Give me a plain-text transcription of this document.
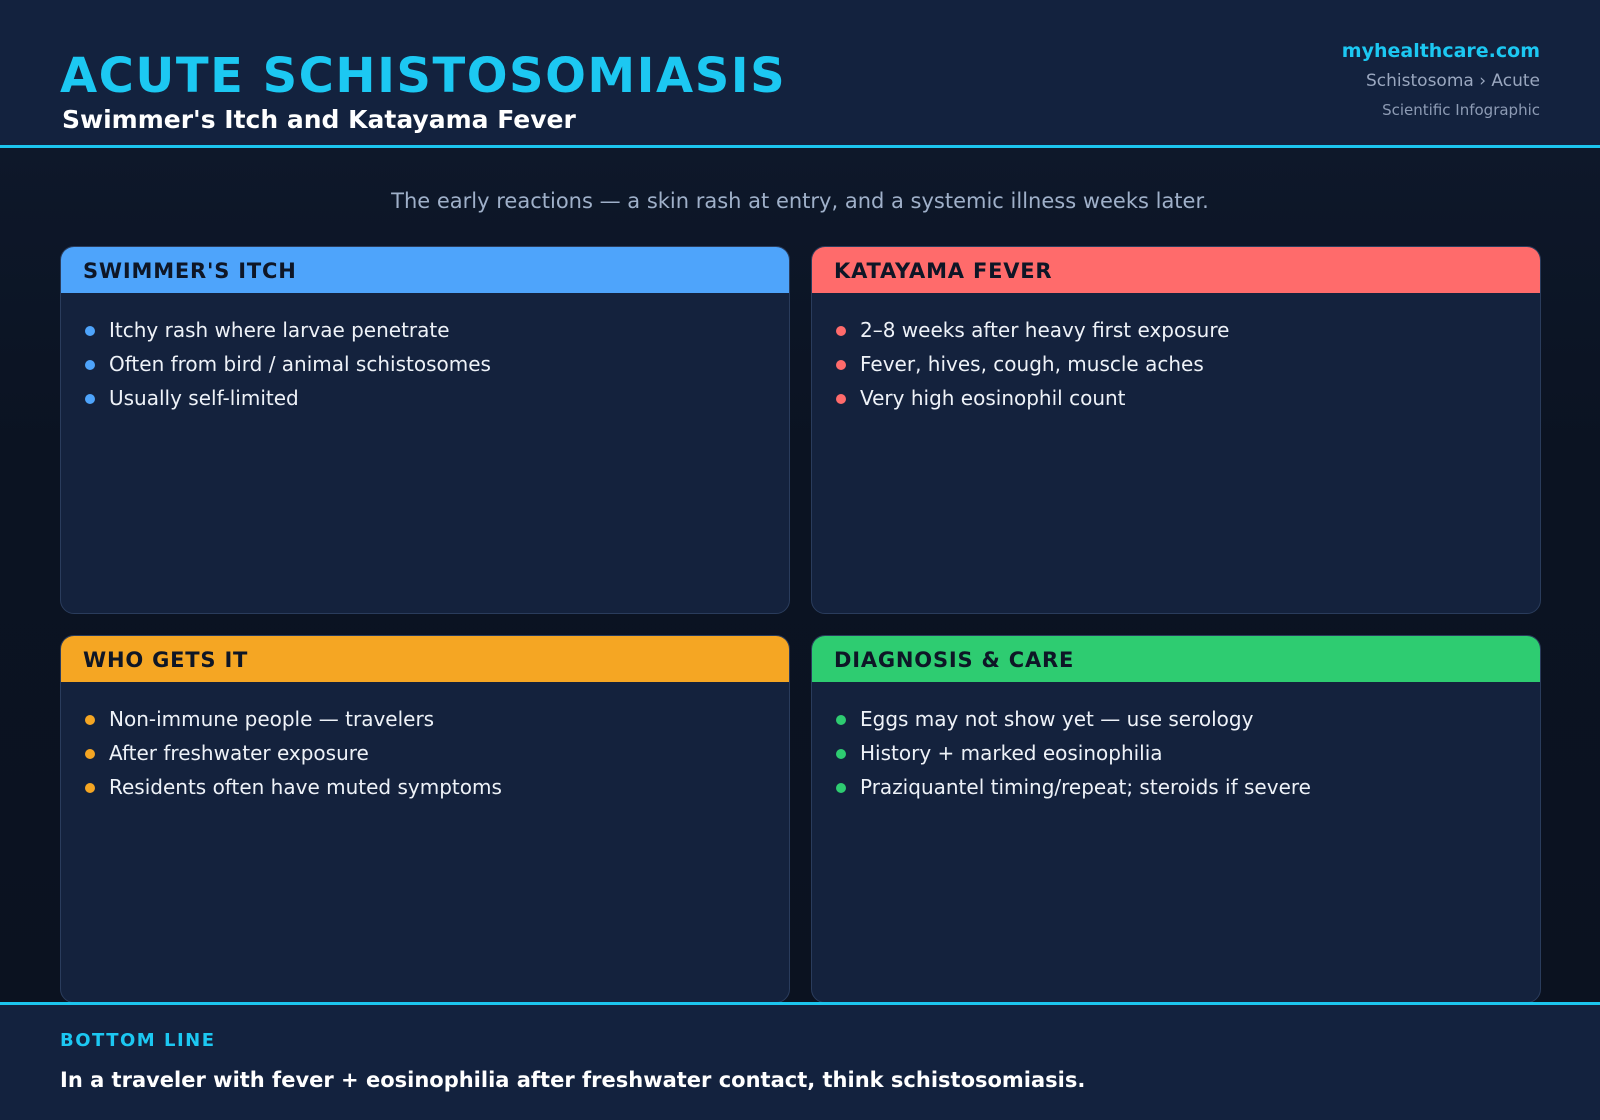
ACUTE SCHISTOSOMIASIS
Swimmer's Itch and Katayama Fever
myhealthcare.com
Schistosoma › Acute
Scientific Infographic
The early reactions — a skin rash at entry, and a systemic illness weeks later.
SWIMMER'S ITCH
Itchy rash where larvae penetrate
Often from bird / animal schistosomes
Usually self-limited
KATAYAMA FEVER
2–8 weeks after heavy first exposure
Fever, hives, cough, muscle aches
Very high eosinophil count
WHO GETS IT
Non-immune people — travelers
After freshwater exposure
Residents often have muted symptoms
DIAGNOSIS & CARE
Eggs may not show yet — use serology
History + marked eosinophilia
Praziquantel timing/repeat; steroids if severe
BOTTOM LINE
In a traveler with fever + eosinophilia after freshwater contact, think schistosomiasis.
